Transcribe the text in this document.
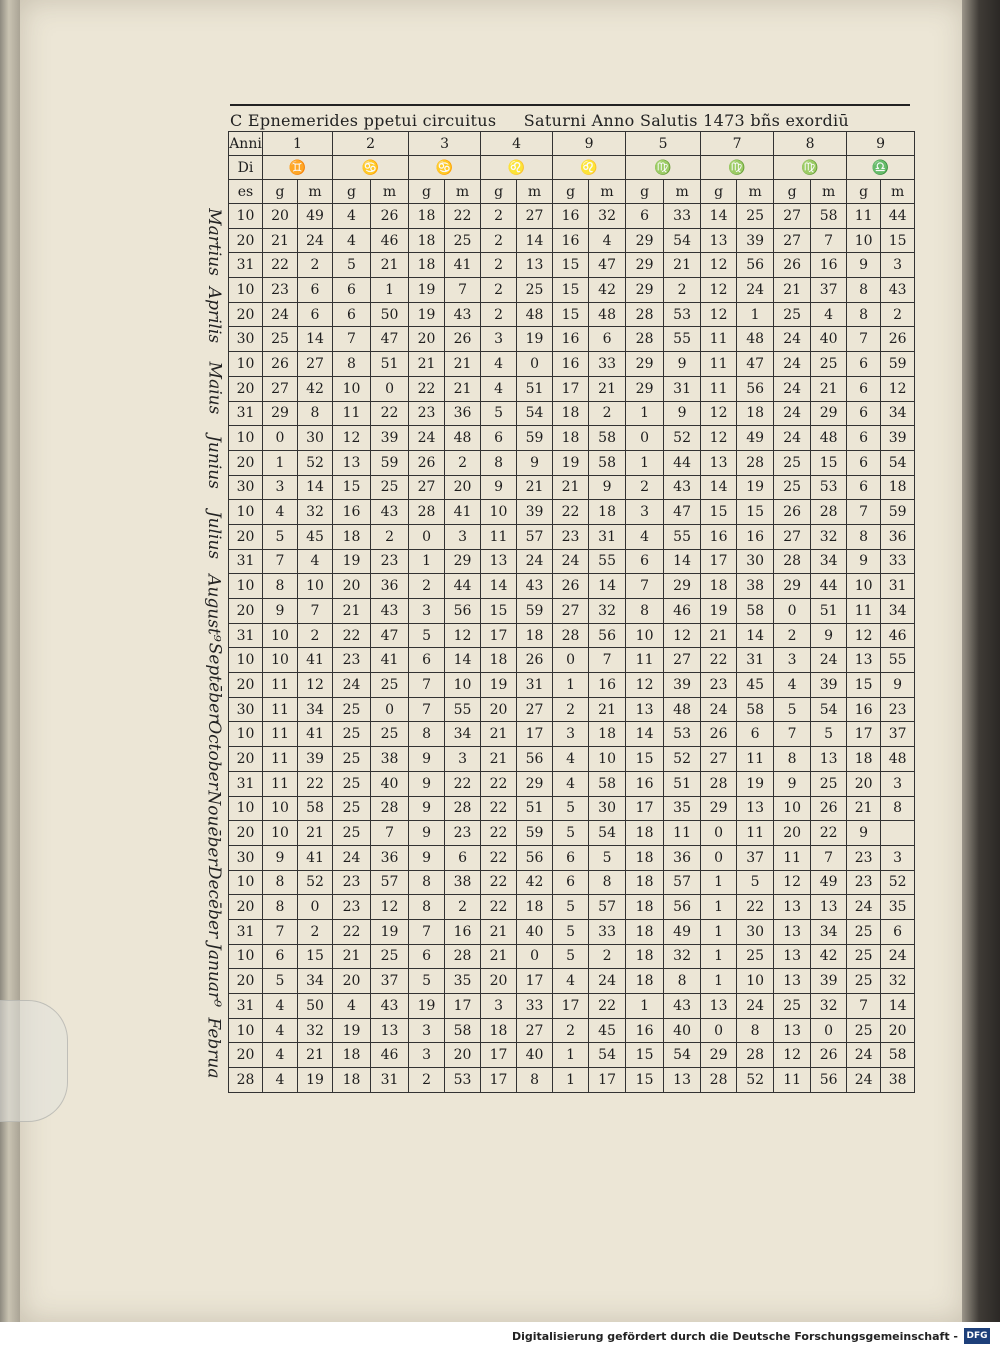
C Epnemerides ppetui circuitus Saturni Anno Salutis 1473 bñs exordiū
Martius
Aprilis
Maius
Junius
Julius
August⁹
Septēber
October
Nouēber
Decēber
Januar⁹
Februa
Anni	1		2		3		4		9		5		7		8		9	
Di	♊		♋		♋		♌		♌		♍		♍		♍		♎	
es	g	m	g	m	g	m	g	m	g	m	g	m	g	m	g	m	g	m
10	20	49	4	26	18	22	2	27	16	32	6	33	14	25	27	58	11	44
20	21	24	4	46	18	25	2	14	16	4	29	54	13	39	27	7	10	15
31	22	2	5	21	18	41	2	13	15	47	29	21	12	56	26	16	9	3
10	23	6	6	1	19	7	2	25	15	42	29	2	12	24	21	37	8	43
20	24	6	6	50	19	43	2	48	15	48	28	53	12	1	25	4	8	2
30	25	14	7	47	20	26	3	19	16	6	28	55	11	48	24	40	7	26
10	26	27	8	51	21	21	4	0	16	33	29	9	11	47	24	25	6	59
20	27	42	10	0	22	21	4	51	17	21	29	31	11	56	24	21	6	12
31	29	8	11	22	23	36	5	54	18	2	1	9	12	18	24	29	6	34
10	0	30	12	39	24	48	6	59	18	58	0	52	12	49	24	48	6	39
20	1	52	13	59	26	2	8	9	19	58	1	44	13	28	25	15	6	54
30	3	14	15	25	27	20	9	21	21	9	2	43	14	19	25	53	6	18
10	4	32	16	43	28	41	10	39	22	18	3	47	15	15	26	28	7	59
20	5	45	18	2	0	3	11	57	23	31	4	55	16	16	27	32	8	36
31	7	4	19	23	1	29	13	24	24	55	6	14	17	30	28	34	9	33
10	8	10	20	36	2	44	14	43	26	14	7	29	18	38	29	44	10	31
20	9	7	21	43	3	56	15	59	27	32	8	46	19	58	0	51	11	34
31	10	2	22	47	5	12	17	18	28	56	10	12	21	14	2	9	12	46
10	10	41	23	41	6	14	18	26	0	7	11	27	22	31	3	24	13	55
20	11	12	24	25	7	10	19	31	1	16	12	39	23	45	4	39	15	9
30	11	34	25	0	7	55	20	27	2	21	13	48	24	58	5	54	16	23
10	11	41	25	25	8	34	21	17	3	18	14	53	26	6	7	5	17	37
20	11	39	25	38	9	3	21	56	4	10	15	52	27	11	8	13	18	48
31	11	22	25	40	9	22	22	29	4	58	16	51	28	19	9	25	20	3
10	10	58	25	28	9	28	22	51	5	30	17	35	29	13	10	26	21	8
20	10	21	25	7	9	23	22	59	5	54	18	11	0	11	20	22	9	
30	9	41	24	36	9	6	22	56	6	5	18	36	0	37	11	7	23	3
10	8	52	23	57	8	38	22	42	6	8	18	57	1	5	12	49	23	52
20	8	0	23	12	8	2	22	18	5	57	18	56	1	22	13	13	24	35
31	7	2	22	19	7	16	21	40	5	33	18	49	1	30	13	34	25	6
10	6	15	21	25	6	28	21	0	5	2	18	32	1	25	13	42	25	24
20	5	34	20	37	5	35	20	17	4	24	18	8	1	10	13	39	25	32
31	4	50	4	43	19	17	3	33	17	22	1	43	13	24	25	32	7	14
10	4	32	19	13	3	58	18	27	2	45	16	40	0	8	13	0	25	20
20	4	21	18	46	3	20	17	40	1	54	15	54	29	28	12	26	24	58
28	4	19	18	31	2	53	17	8	1	17	15	13	28	52	11	56	24	38
Digitalisierung gefördert durch die Deutsche Forschungsgemeinschaft - DFG
